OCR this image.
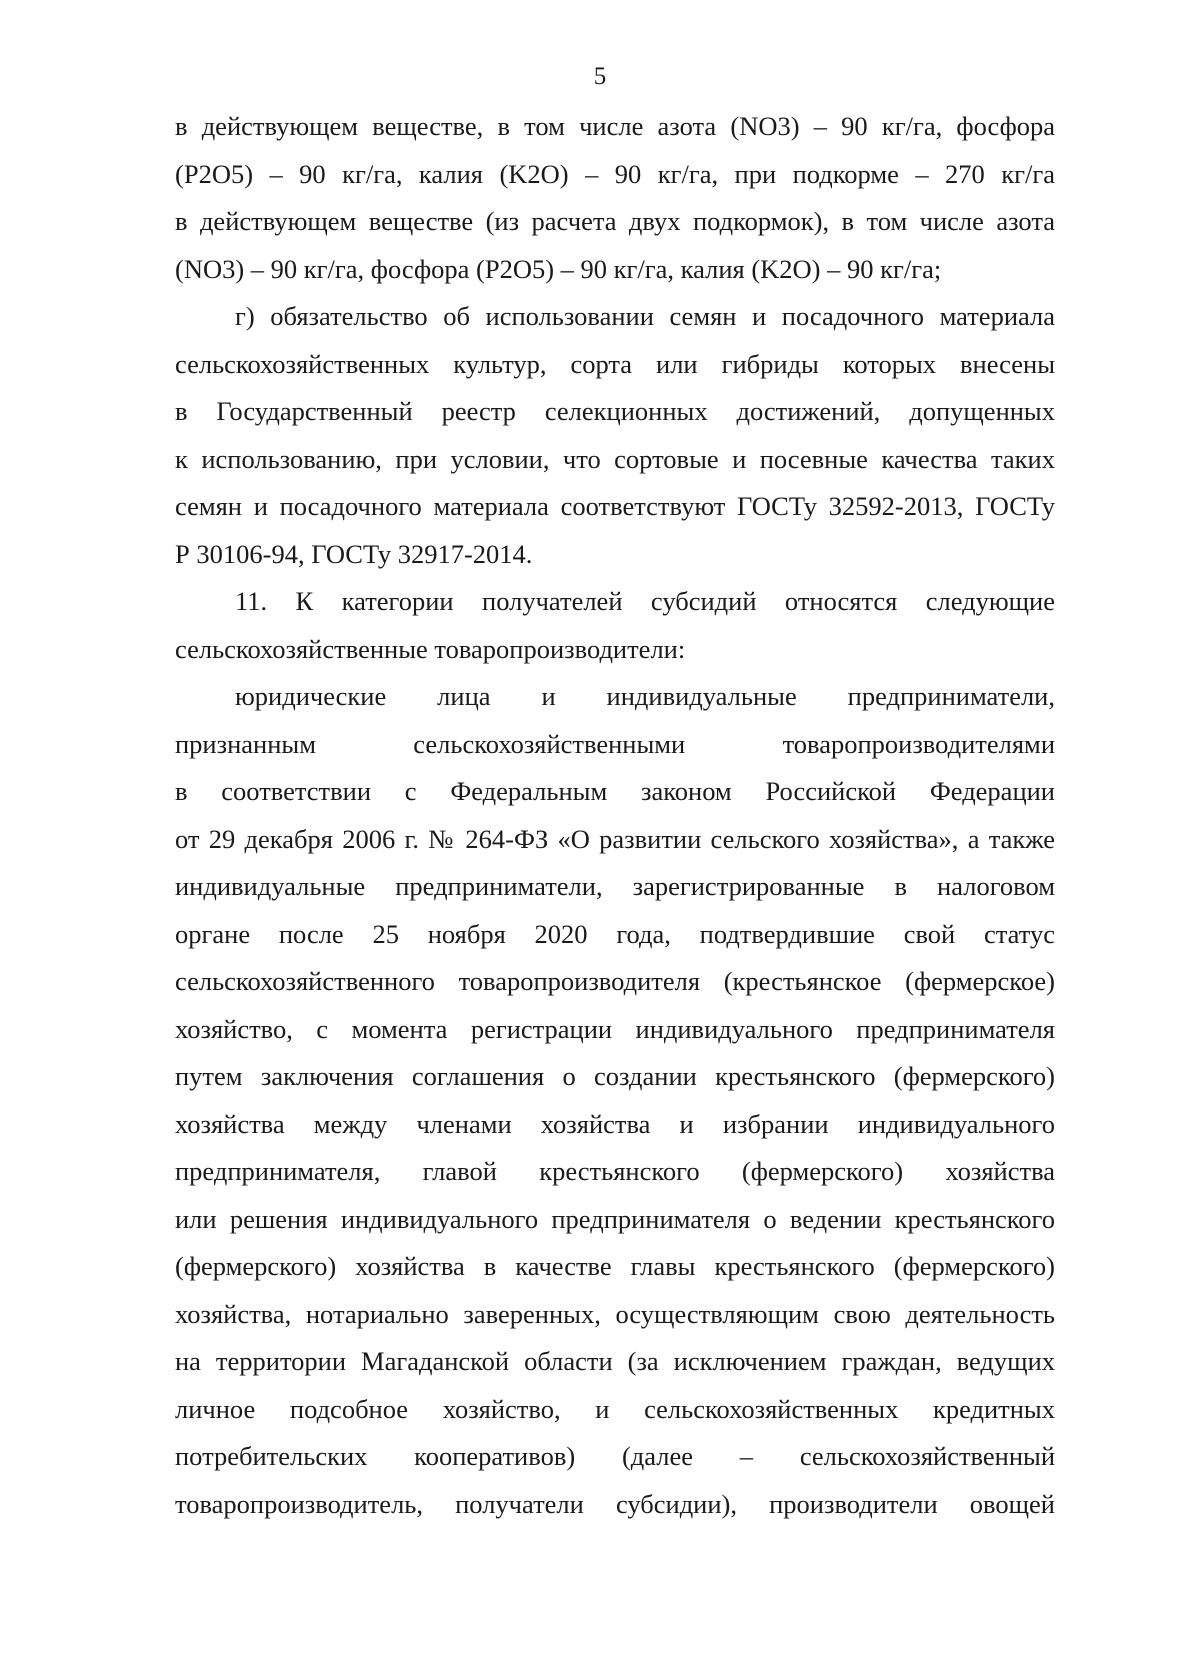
5
в действующем веществе, в том числе азота (NO3) – 90 кг/га, фосфора
(P2O5) – 90 кг/га, калия (K2O) – 90 кг/га, при подкорме – 270 кг/га
в действующем веществе (из расчета двух подкормок), в том числе азота
(NO3) – 90 кг/га, фосфора (P2O5) – 90 кг/га, калия (K2O) – 90 кг/га;
г) обязательство об использовании семян и посадочного материала
сельскохозяйственных культур, сорта или гибриды которых внесены
в Государственный реестр селекционных достижений, допущенных
к использованию, при условии, что сортовые и посевные качества таких
семян и посадочного материала соответствуют ГОСТу 32592-2013, ГОСТу
Р 30106-94, ГОСТу 32917-2014.
11. К категории получателей субсидий относятся следующие
сельскохозяйственные товаропроизводители:
юридические лица и индивидуальные предприниматели,
признанным сельскохозяйственными товаропроизводителями
в соответствии с Федеральным законом Российской Федерации
от 29 декабря 2006 г. № 264-ФЗ «О развитии сельского хозяйства», а также
индивидуальные предприниматели, зарегистрированные в налоговом
органе после 25 ноября 2020 года, подтвердившие свой статус
сельскохозяйственного товаропроизводителя (крестьянское (фермерское)
хозяйство, с момента регистрации индивидуального предпринимателя
путем заключения соглашения о создании крестьянского (фермерского)
хозяйства между членами хозяйства и избрании индивидуального
предпринимателя, главой крестьянского (фермерского) хозяйства
или решения индивидуального предпринимателя о ведении крестьянского
(фермерского) хозяйства в качестве главы крестьянского (фермерского)
хозяйства, нотариально заверенных, осуществляющим свою деятельность
на территории Магаданской области (за исключением граждан, ведущих
личное подсобное хозяйство, и сельскохозяйственных кредитных
потребительских кооперативов) (далее – сельскохозяйственный
товаропроизводитель, получатели субсидии), производители овощей
